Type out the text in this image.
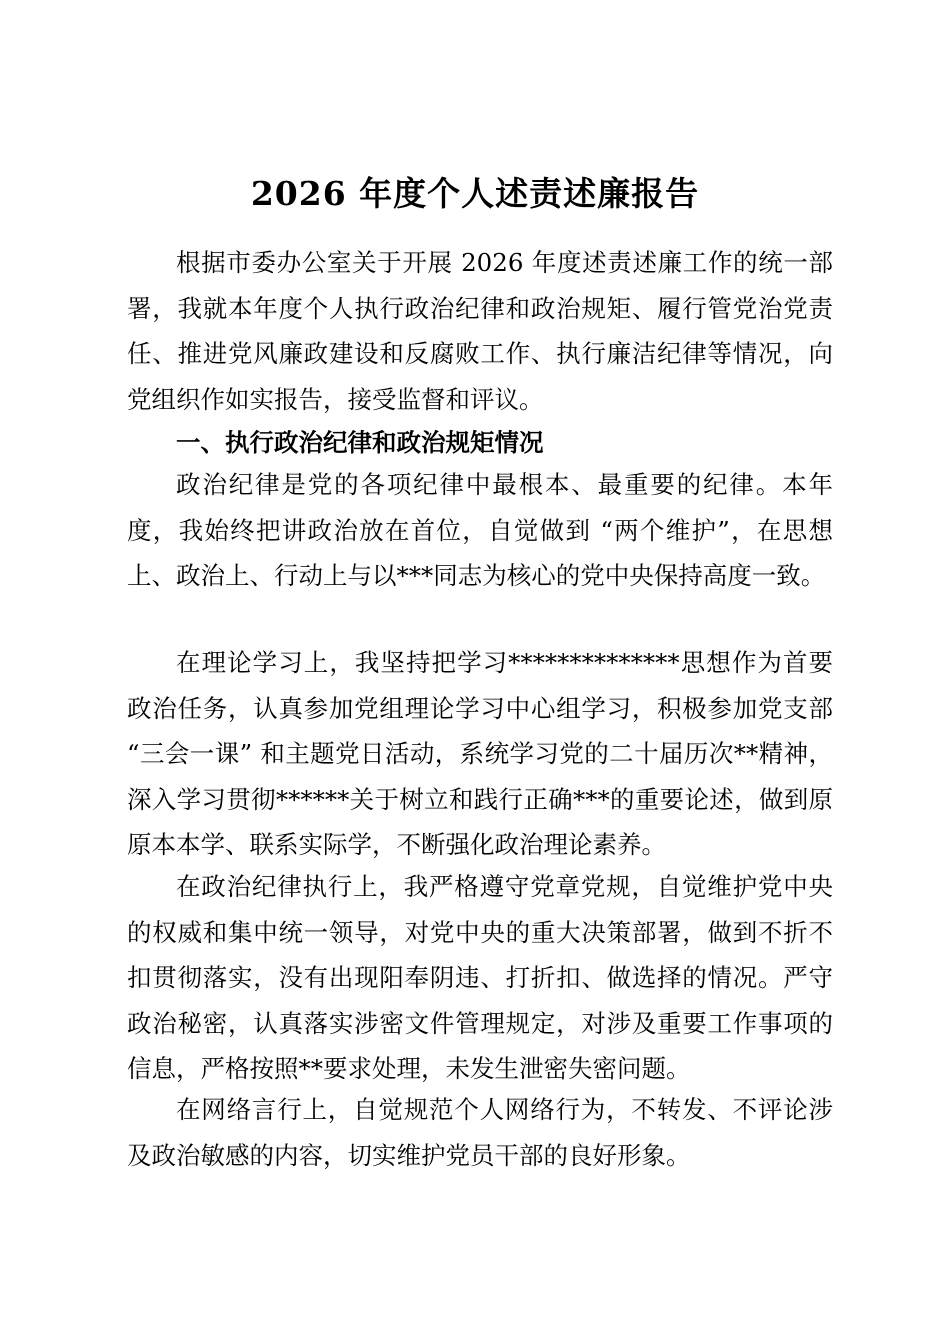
2026 年度个人述责述廉报告

根据市委办公室关于开展 2026 年度述责述廉工作的统一部署，我就本年度个人执行政治纪律和政治规矩、履行管党治党责任、推进党风廉政建设和反腐败工作、执行廉洁纪律等情况，向党组织作如实报告，接受监督和评议。

一、执行政治纪律和政治规矩情况

政治纪律是党的各项纪律中最根本、最重要的纪律。本年度，我始终把讲政治放在首位，自觉做到 “两个维护”，在思想上、政治上、行动上与以***同志为核心的党中央保持高度一致。

在理论学习上，我坚持把学习**************思想作为首要政治任务，认真参加党组理论学习中心组学习，积极参加党支部 “三会一课” 和主题党日活动，系统学习党的二十届历次**精神，深入学习贯彻******关于树立和践行正确***的重要论述，做到原原本本学、联系实际学，不断强化政治理论素养。

在政治纪律执行上，我严格遵守党章党规，自觉维护党中央的权威和集中统一领导，对党中央的重大决策部署，做到不折不扣贯彻落实，没有出现阳奉阴违、打折扣、做选择的情况。严守政治秘密，认真落实涉密文件管理规定，对涉及重要工作事项的信息，严格按照**要求处理，未发生泄密失密问题。

在网络言行上，自觉规范个人网络行为，不转发、不评论涉及政治敏感的内容，切实维护党员干部的良好形象。
